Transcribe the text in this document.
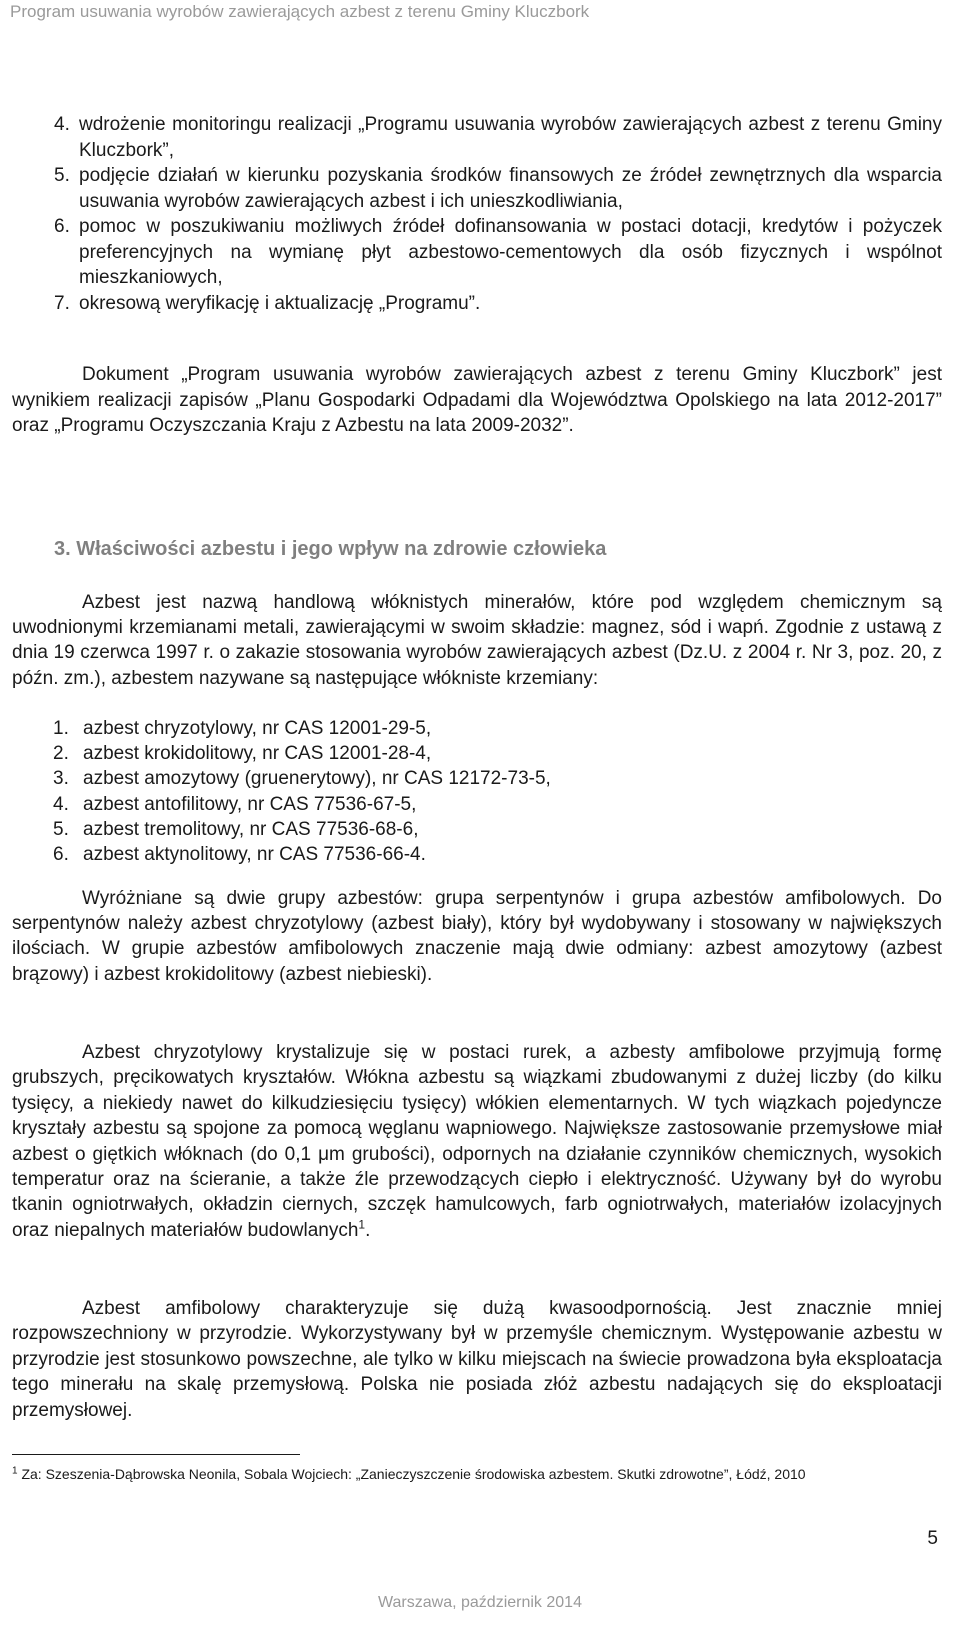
Program usuwania wyrobów zawierających azbest z terenu Gminy Kluczbork
4. wdrożenie monitoringu realizacji „Programu usuwania wyrobów zawierających azbest z terenu Gminy Kluczbork”,
5. podjęcie działań w kierunku pozyskania środków finansowych ze źródeł zewnętrznych dla wsparcia usuwania wyrobów zawierających azbest i ich unieszkodliwiania,
6. pomoc w poszukiwaniu możliwych źródeł dofinansowania w postaci dotacji, kredytów i pożyczek preferencyjnych na wymianę płyt azbestowo-cementowych dla osób fizycznych i wspólnot mieszkaniowych,
7. okresową weryfikację i aktualizację „Programu”.

Dokument „Program usuwania wyrobów zawierających azbest z terenu Gminy Kluczbork” jest wynikiem realizacji zapisów „Planu Gospodarki Odpadami dla Województwa Opolskiego na lata 2012-2017” oraz „Programu Oczyszczania Kraju z Azbestu na lata 2009-2032”.

3. Właściwości azbestu i jego wpływ na zdrowie człowieka

Azbest jest nazwą handlową włóknistych minerałów, które pod względem chemicznym są uwodnionymi krzemianami metali, zawierającymi w swoim składzie: magnez, sód i wapń. Zgodnie z ustawą z dnia 19 czerwca 1997 r. o zakazie stosowania wyrobów zawierających azbest (Dz.U. z 2004 r. Nr 3, poz. 20, z późn. zm.), azbestem nazywane są następujące włókniste krzemiany:

1. azbest chryzotylowy, nr CAS 12001-29-5,
2. azbest krokidolitowy, nr CAS 12001-28-4,
3. azbest amozytowy (gruenerytowy), nr CAS 12172-73-5,
4. azbest antofilitowy, nr CAS 77536-67-5,
5. azbest tremolitowy, nr CAS 77536-68-6,
6. azbest aktynolitowy, nr CAS 77536-66-4.

Wyróżniane są dwie grupy azbestów: grupa serpentynów i grupa azbestów amfibolowych. Do serpentynów należy azbest chryzotylowy (azbest biały), który był wydobywany i stosowany w największych ilościach. W grupie azbestów amfibolowych znaczenie mają dwie odmiany: azbest amozytowy (azbest brązowy) i azbest krokidolitowy (azbest niebieski).

Azbest chryzotylowy krystalizuje się w postaci rurek, a azbesty amfibolowe przyjmują formę grubszych, pręcikowatych kryształów. Włókna azbestu są wiązkami zbudowanymi z dużej liczby (do kilku tysięcy, a niekiedy nawet do kilkudziesięciu tysięcy) włókien elementarnych. W tych wiązkach pojedyncze kryształy azbestu są spojone za pomocą węglanu wapniowego. Największe zastosowanie przemysłowe miał azbest o giętkich włóknach (do 0,1 μm grubości), odpornych na działanie czynników chemicznych, wysokich temperatur oraz na ścieranie, a także źle przewodzących ciepło i elektryczność. Używany był do wyrobu tkanin ogniotrwałych, okładzin ciernych, szczęk hamulcowych, farb ogniotrwałych, materiałów izolacyjnych oraz niepalnych materiałów budowlanych$^1$.

Azbest amfibolowy charakteryzuje się dużą kwasoodpornością. Jest znacznie mniej rozpowszechniony w przyrodzie. Wykorzystywany był w przemyśle chemicznym. Występowanie azbestu w przyrodzie jest stosunkowo powszechne, ale tylko w kilku miejscach na świecie prowadzona była eksploatacja tego minerału na skalę przemysłową. Polska nie posiada złóż azbestu nadających się do eksploatacji przemysłowej.

$^1$ Za: Szeszenia-Dąbrowska Neonila, Sobala Wojciech: „Zanieczyszczenie środowiska azbestem. Skutki zdrowotne”, Łódź, 2010
5
Warszawa, październik 2014
